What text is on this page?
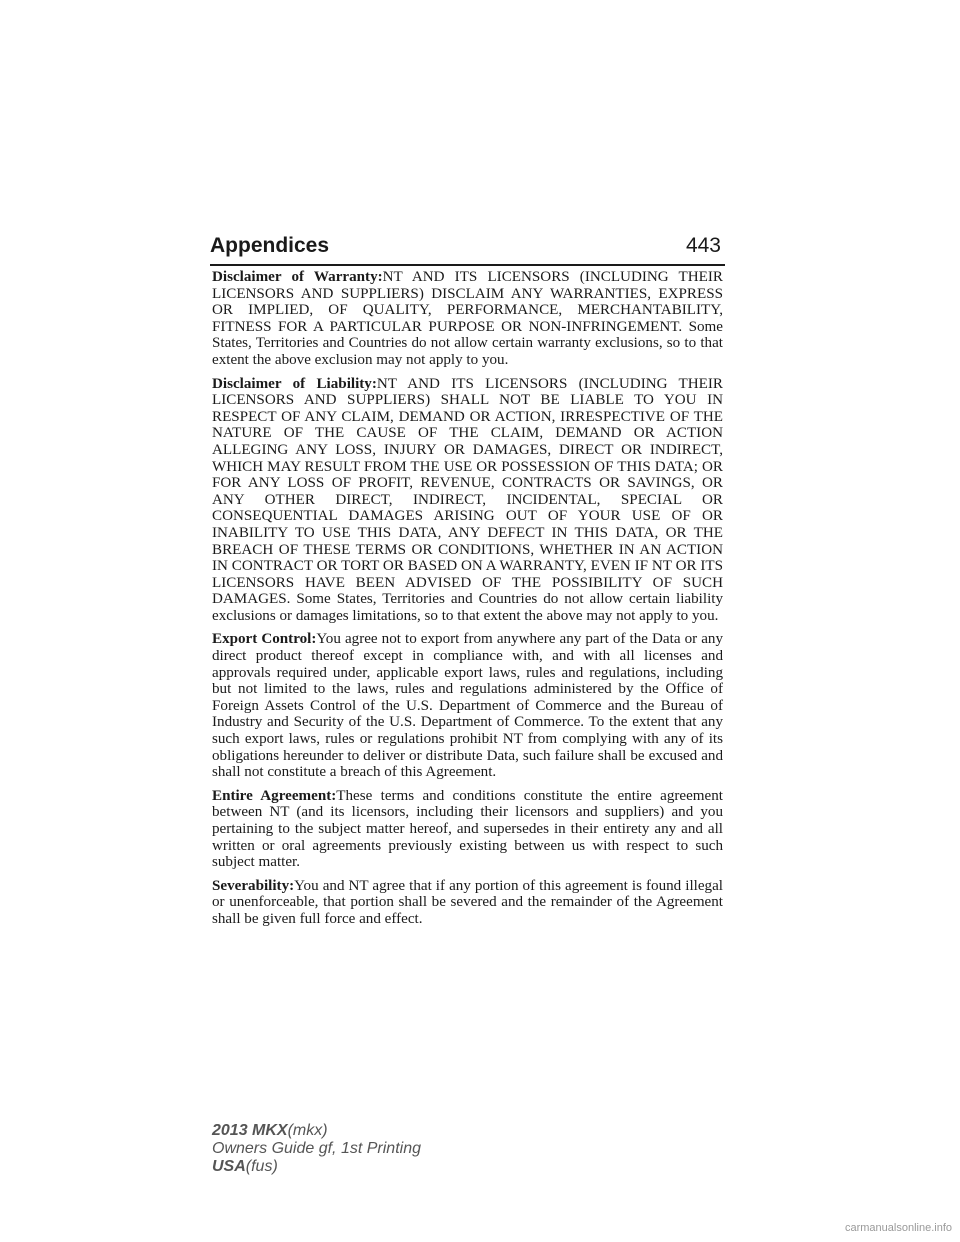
Appendices	443

Disclaimer of Warranty:NT AND ITS LICENSORS (INCLUDING THEIR LICENSORS AND SUPPLIERS) DISCLAIM ANY WARRANTIES, EXPRESS OR IMPLIED, OF QUALITY, PERFORMANCE, MERCHANTABILITY, FITNESS FOR A PARTICULAR PURPOSE OR NON-INFRINGEMENT. Some States, Territories and Countries do not allow certain warranty exclusions, so to that extent the above exclusion may not apply to you.

Disclaimer of Liability:NT AND ITS LICENSORS (INCLUDING THEIR LICENSORS AND SUPPLIERS) SHALL NOT BE LIABLE TO YOU IN RESPECT OF ANY CLAIM, DEMAND OR ACTION, IRRESPECTIVE OF THE NATURE OF THE CAUSE OF THE CLAIM, DEMAND OR ACTION ALLEGING ANY LOSS, INJURY OR DAMAGES, DIRECT OR INDIRECT, WHICH MAY RESULT FROM THE USE OR POSSESSION OF THIS DATA; OR FOR ANY LOSS OF PROFIT, REVENUE, CONTRACTS OR SAVINGS, OR ANY OTHER DIRECT, INDIRECT, INCIDENTAL, SPECIAL OR CONSEQUENTIAL DAMAGES ARISING OUT OF YOUR USE OF OR INABILITY TO USE THIS DATA, ANY DEFECT IN THIS DATA, OR THE BREACH OF THESE TERMS OR CONDITIONS, WHETHER IN AN ACTION IN CONTRACT OR TORT OR BASED ON A WARRANTY, EVEN IF NT OR ITS LICENSORS HAVE BEEN ADVISED OF THE POSSIBILITY OF SUCH DAMAGES. Some States, Territories and Countries do not allow certain liability exclusions or damages limitations, so to that extent the above may not apply to you.

Export Control:You agree not to export from anywhere any part of the Data or any direct product thereof except in compliance with, and with all licenses and approvals required under, applicable export laws, rules and regulations, including but not limited to the laws, rules and regulations administered by the Office of Foreign Assets Control of the U.S. Department of Commerce and the Bureau of Industry and Security of the U.S. Department of Commerce. To the extent that any such export laws, rules or regulations prohibit NT from complying with any of its obligations hereunder to deliver or distribute Data, such failure shall be excused and shall not constitute a breach of this Agreement.

Entire Agreement:These terms and conditions constitute the entire agreement between NT (and its licensors, including their licensors and suppliers) and you pertaining to the subject matter hereof, and supersedes in their entirety any and all written or oral agreements previously existing between us with respect to such subject matter.

Severability:You and NT agree that if any portion of this agreement is found illegal or unenforceable, that portion shall be severed and the remainder of the Agreement shall be given full force and effect.

2013 MKX(mkx)
Owners Guide gf, 1st Printing
USA(fus)
carmanualsonline.info
